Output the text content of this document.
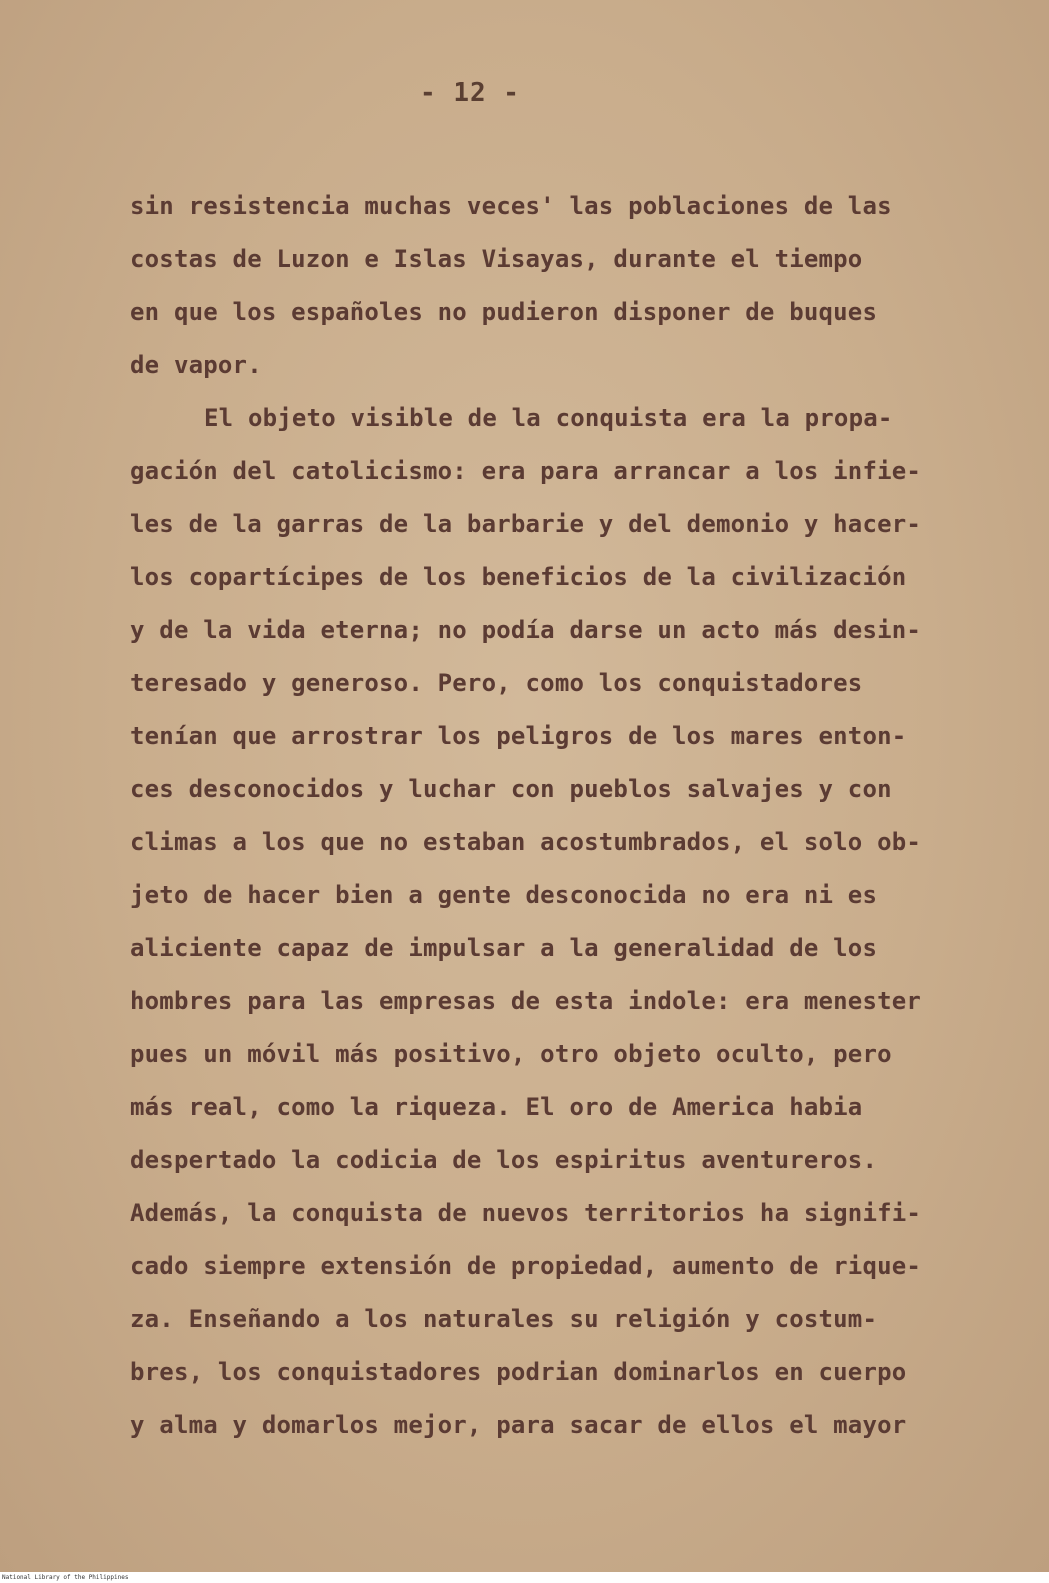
- 12 -
sin resistencia muchas veces' las poblaciones de las
costas de Luzon e Islas Visayas, durante el tiempo
en que los españoles no pudieron disponer de buques
de vapor.
El objeto visible de la conquista era la propa-
gación del catolicismo: era para arrancar a los infie-
les de la garras de la barbarie y del demonio y hacer-
los copartícipes de los beneficios de la civilización
y de la vida eterna; no podía darse un acto más desin-
teresado y generoso. Pero, como los conquistadores
tenían que arrostrar los peligros de los mares enton-
ces desconocidos y luchar con pueblos salvajes y con
climas a los que no estaban acostumbrados, el solo ob-
jeto de hacer bien a gente desconocida no era ni es
aliciente capaz de impulsar a la generalidad de los
hombres para las empresas de esta indole: era menester
pues un móvil más positivo, otro objeto oculto, pero
más real, como la riqueza. El oro de America habia
despertado la codicia de los espiritus aventureros.
Además, la conquista de nuevos territorios ha signifi-
cado siempre extensión de propiedad, aumento de rique-
za. Enseñando a los naturales su religión y costum-
bres, los conquistadores podrian dominarlos en cuerpo
y alma y domarlos mejor, para sacar de ellos el mayor
National Library of the Philippines
